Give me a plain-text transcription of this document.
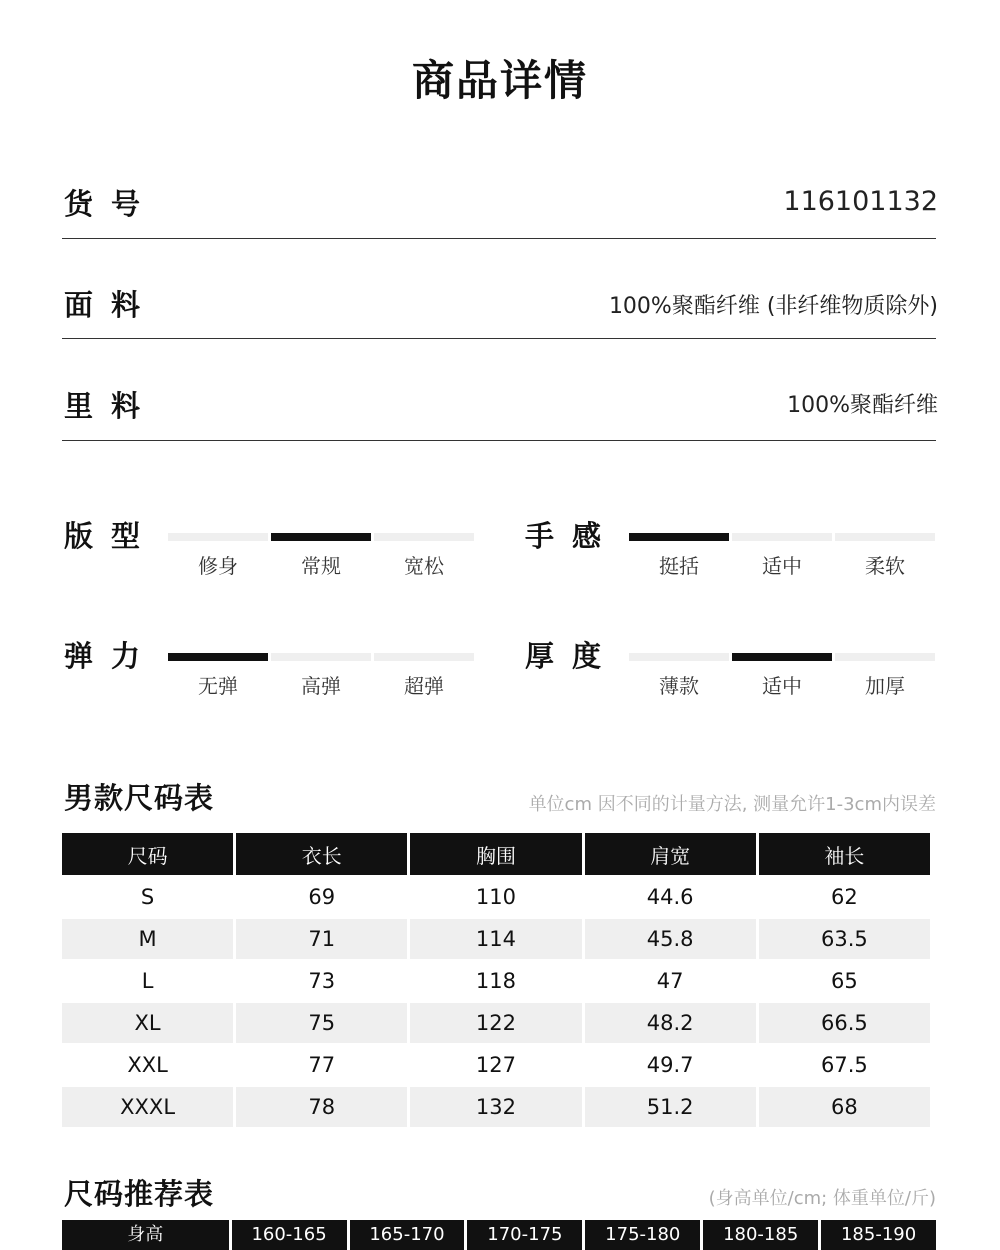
商品详情
货号	116101132
面料	100%聚酯纤维 (非纤维物质除外)
里料	100%聚酯纤维
版型
修身	常规	宽松
手感
挺括	适中	柔软
弹力
无弹	高弹	超弹
厚度
薄款	适中	加厚
男款尺码表	单位cm 因不同的计量方法, 测量允许1-3cm内误差
尺码	衣长	胸围	肩宽	袖长
S	69	110	44.6	62
M	71	114	45.8	63.5
L	73	118	47	65
XL	75	122	48.2	66.5
XXL	77	127	49.7	67.5
XXXL	78	132	51.2	68
尺码推荐表	(身高单位/cm; 体重单位/斤)
身高	160-165	165-170	170-175	175-180	180-185	185-190
